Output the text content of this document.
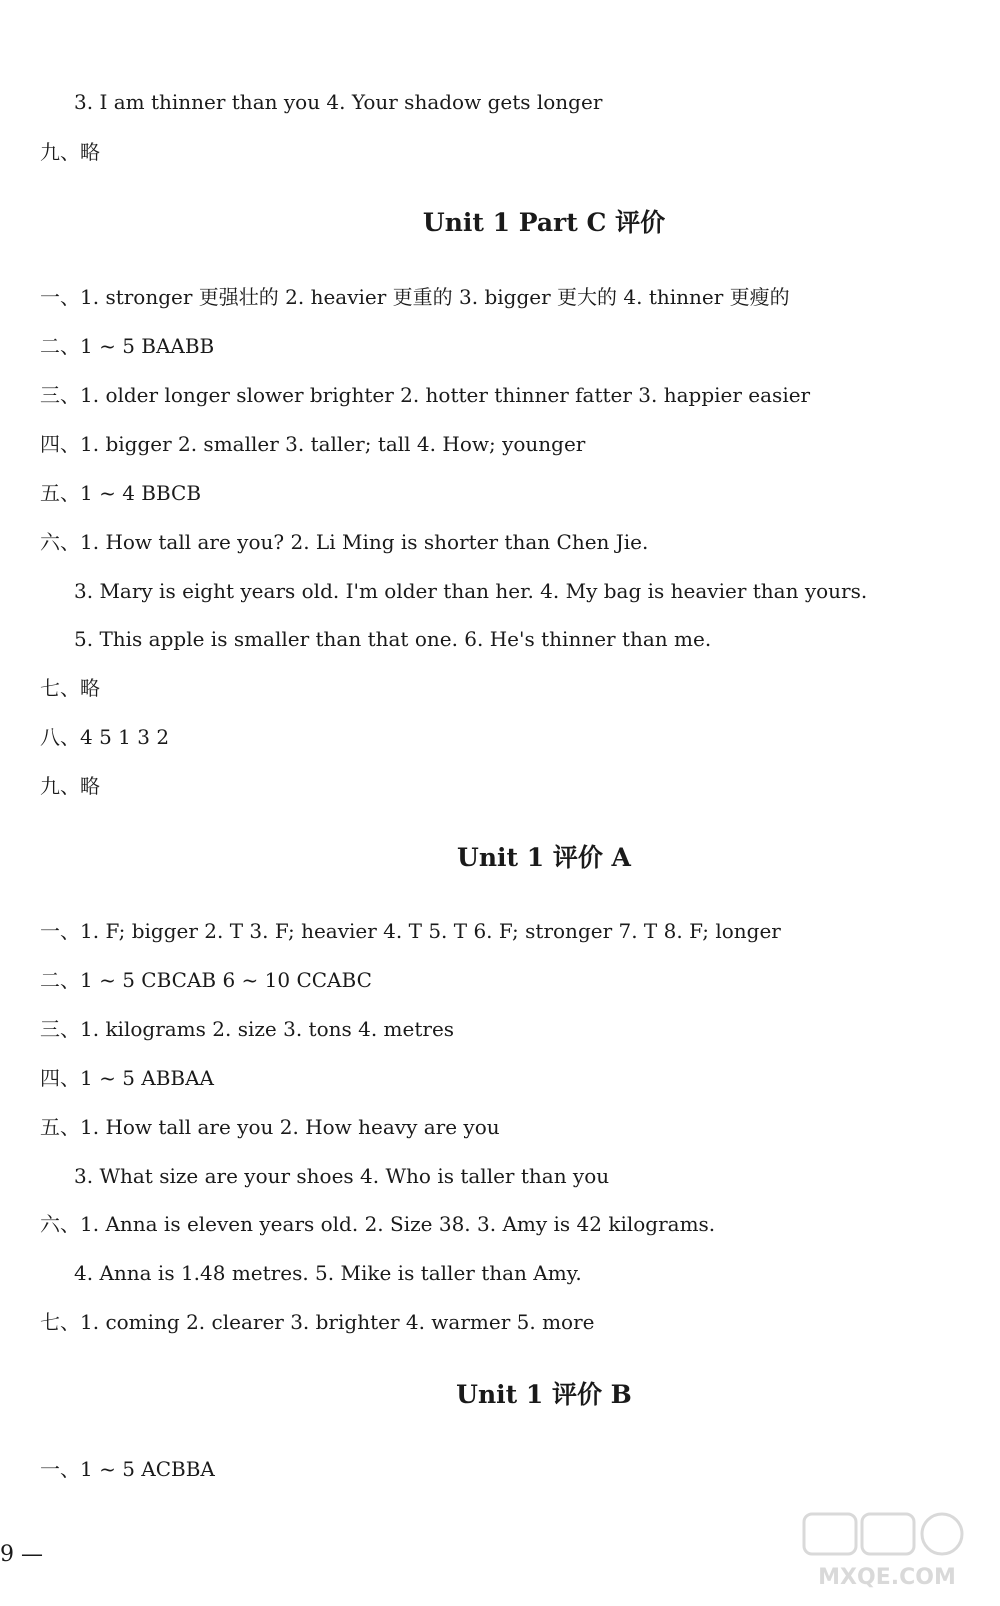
3. I am thinner than you 4. Your shadow gets longer
九、略
Unit 1 Part C 评价
一、1. stronger 更强壮的 2. heavier 更重的 3. bigger 更大的 4. thinner 更瘦的
二、1 ~ 5 BAABB
三、1. older longer slower brighter 2. hotter thinner fatter 3. happier easier
四、1. bigger 2. smaller 3. taller; tall 4. How; younger
五、1 ~ 4 BBCB
六、1. How tall are you? 2. Li Ming is shorter than Chen Jie.
3. Mary is eight years old. I'm older than her. 4. My bag is heavier than yours.
5. This apple is smaller than that one. 6. He's thinner than me.
七、略
八、4 5 1 3 2
九、略
Unit 1 评价 A
一、1. F; bigger 2. T 3. F; heavier 4. T 5. T 6. F; stronger 7. T 8. F; longer
二、1 ~ 5 CBCAB 6 ~ 10 CCABC
三、1. kilograms 2. size 3. tons 4. metres
四、1 ~ 5 ABBAA
五、1. How tall are you 2. How heavy are you
3. What size are your shoes 4. Who is taller than you
六、1. Anna is eleven years old. 2. Size 38. 3. Amy is 42 kilograms.
4. Anna is 1.48 metres. 5. Mike is taller than Amy.
七、1. coming 2. clearer 3. brighter 4. warmer 5. more
Unit 1 评价 B
一、1 ~ 5 ACBBA
9 —
MXQE.COM
